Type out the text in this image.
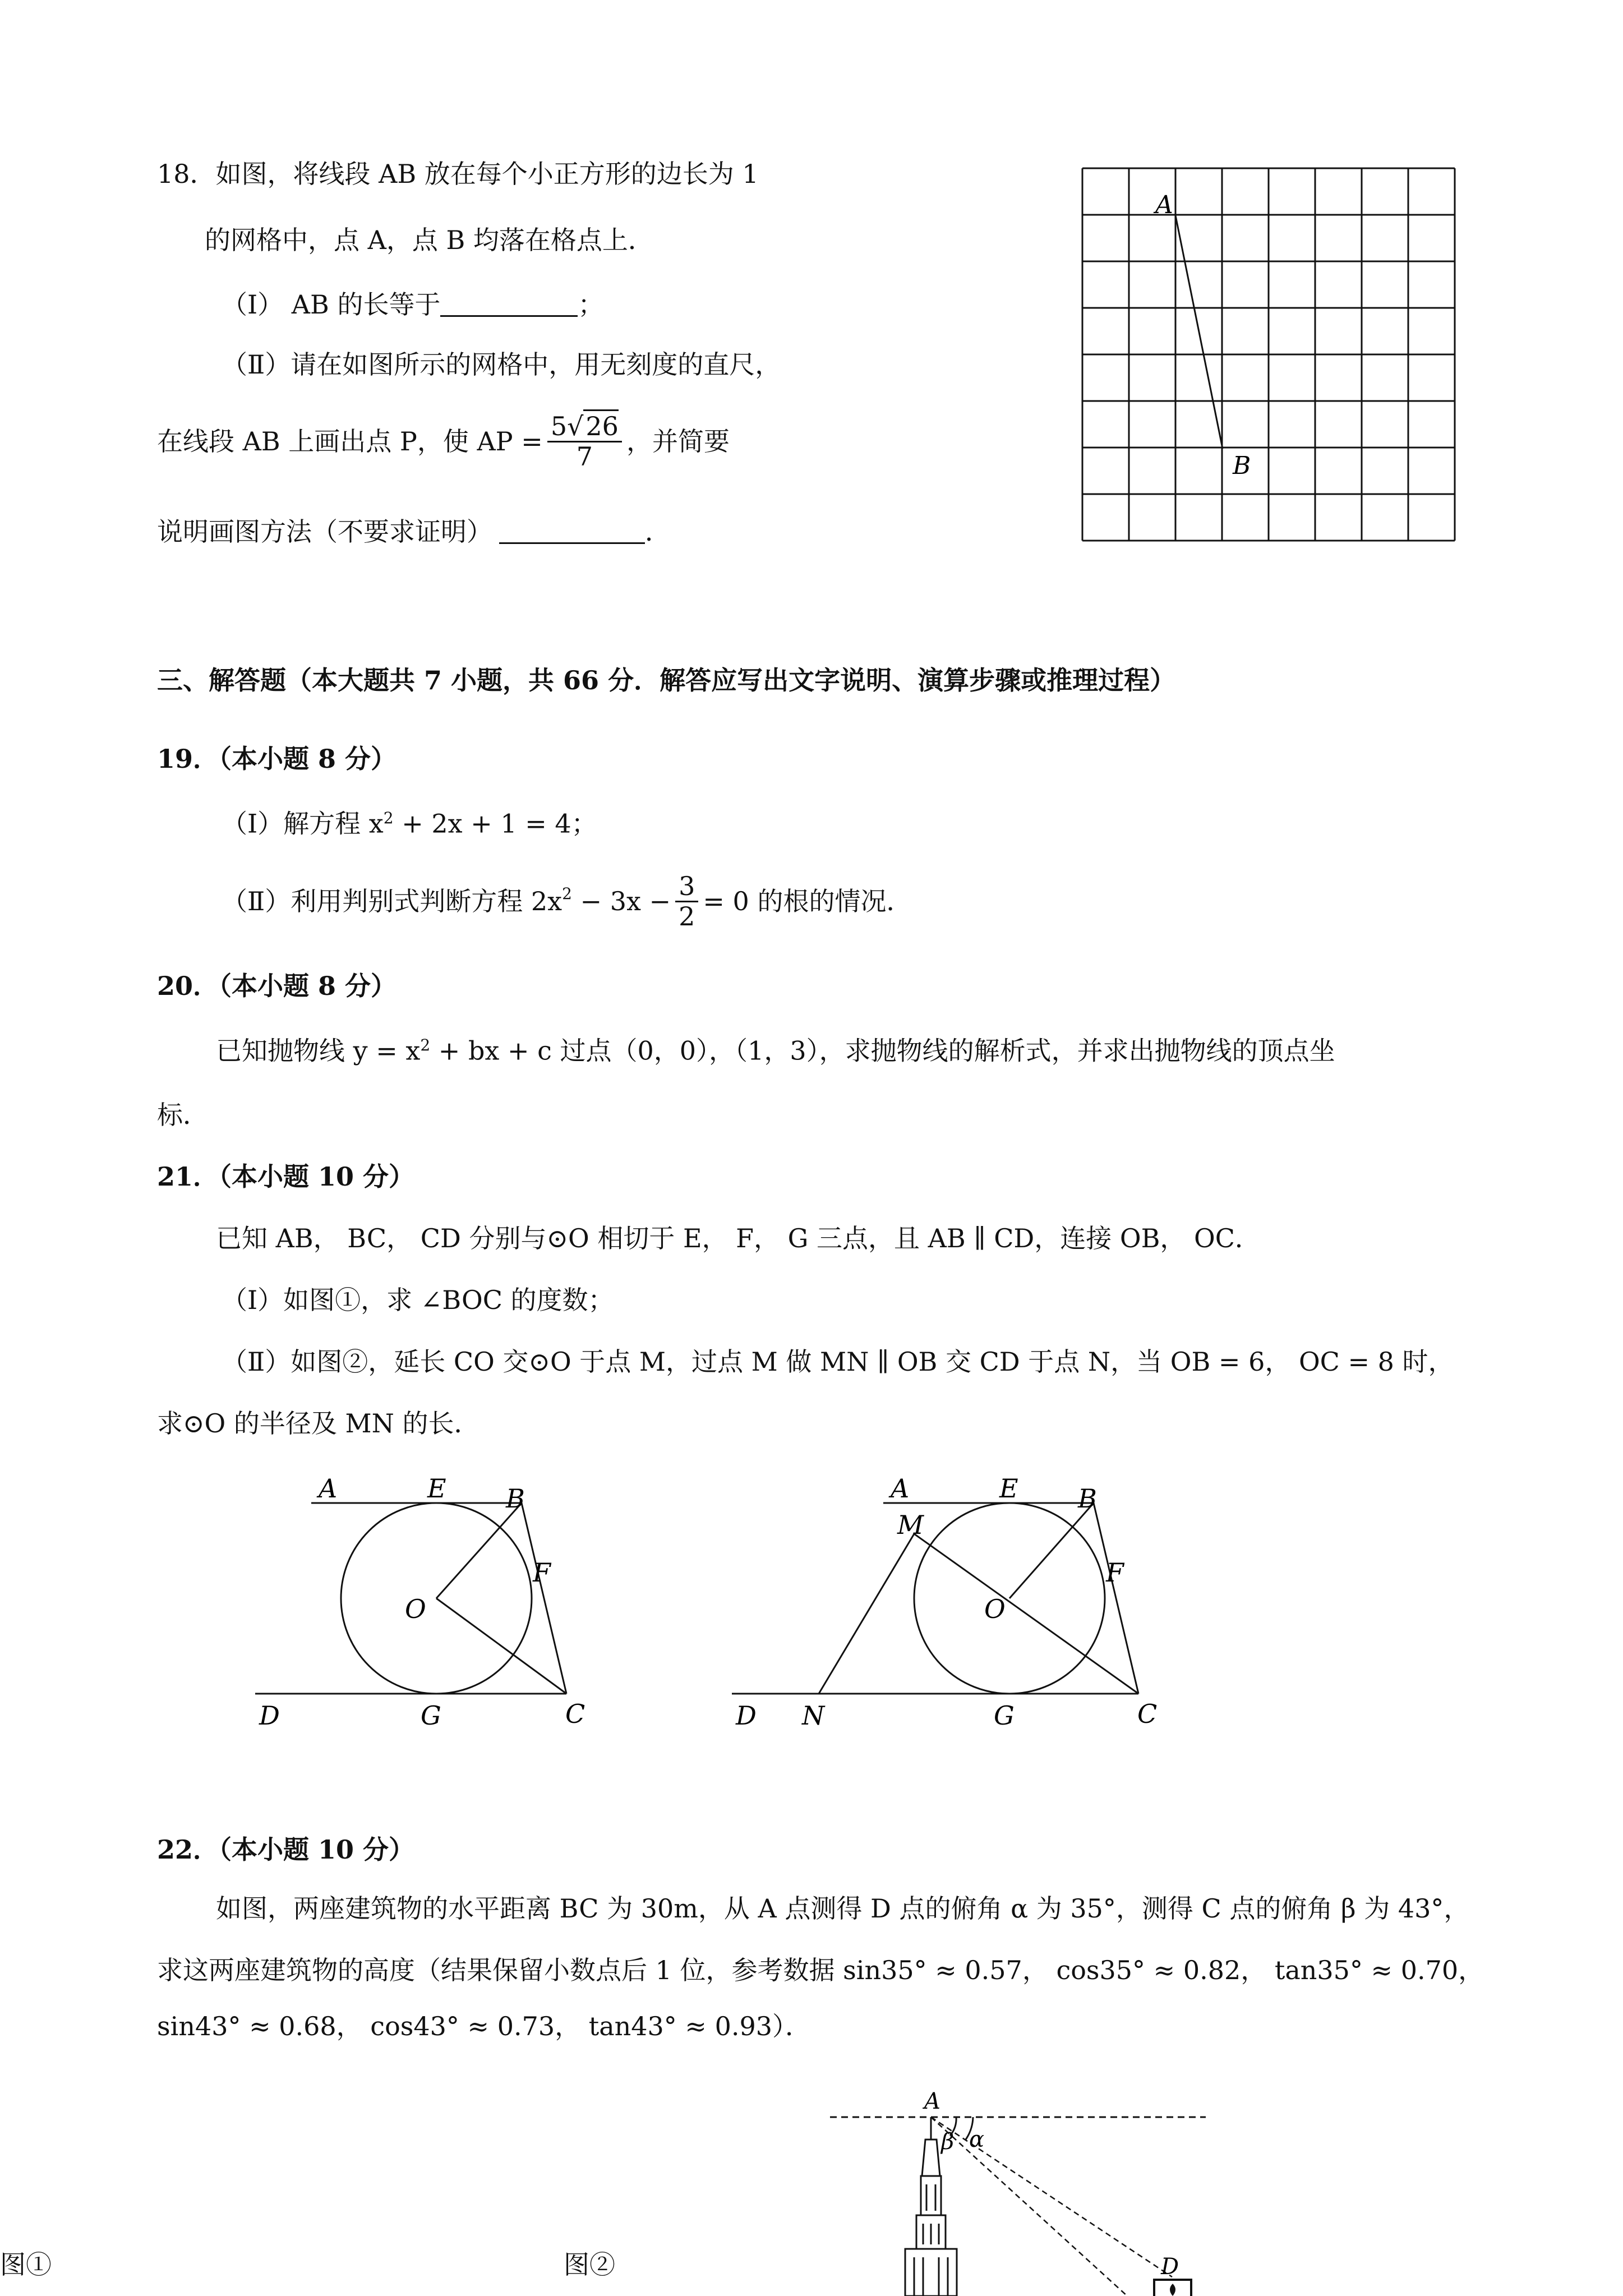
18．如图，将线段 AB 放在每个小正方形的边长为 1
的网格中，点 A，点 B 均落在格点上．
（Ⅰ） AB 的长等于	；
（Ⅱ）请在如图所示的网格中，用无刻度的直尺，
在线段 AB 上画出点 P，使 AP = $\frac{5√26}{7}$ ，并简要
说明画图方法（不要求证明）	．
A
B
三、解答题（本大题共 7 小题，共 66 分．解答应写出文字说明、演算步骤或推理过程）
19．（本小题 8 分）
（Ⅰ）解方程 $x^2 + 2x + 1 = 4$；
（Ⅱ）利用判别式判断方程 $2x^2 - 3x - \frac{3}{2} = 0$ 的根的情况．
20．（本小题 8 分）
已知抛物线 $y = x^2$ + bx + c 过点（0，0），（1，3），求抛物线的解析式，并求出抛物线的顶点坐
标．
21．（本小题 10 分）
已知 AB， BC， CD 分别与⊙O 相切于 E， F， G 三点，且 AB ∥ CD，连接 OB， OC．
（Ⅰ）如图①，求 ∠BOC 的度数；
（Ⅱ）如图②，延长 CO 交⊙O 于点 M，过点 M 做 MN ∥ OB 交 CD 于点 N，当 OB = 6， OC = 8 时，
求⊙O 的半径及 MN 的长．
A	E B
F
O
D	G	C
A	E B
M
F
O
D N	G	C
22．（本小题 10 分）
如图，两座建筑物的水平距离 BC 为 30m，从 A 点测得 D 点的俯角 α 为 35°，测得 C 点的俯角 β 为 43°，
求这两座建筑物的高度（结果保留小数点后 1 位，参考数据 sin35° ≈ 0.57， cos35° ≈ 0.82， tan35° ≈ 0.70，
sin43° ≈ 0.68， cos43° ≈ 0.73， tan43° ≈ 0.93）．
A
β α
D
图①	图②
